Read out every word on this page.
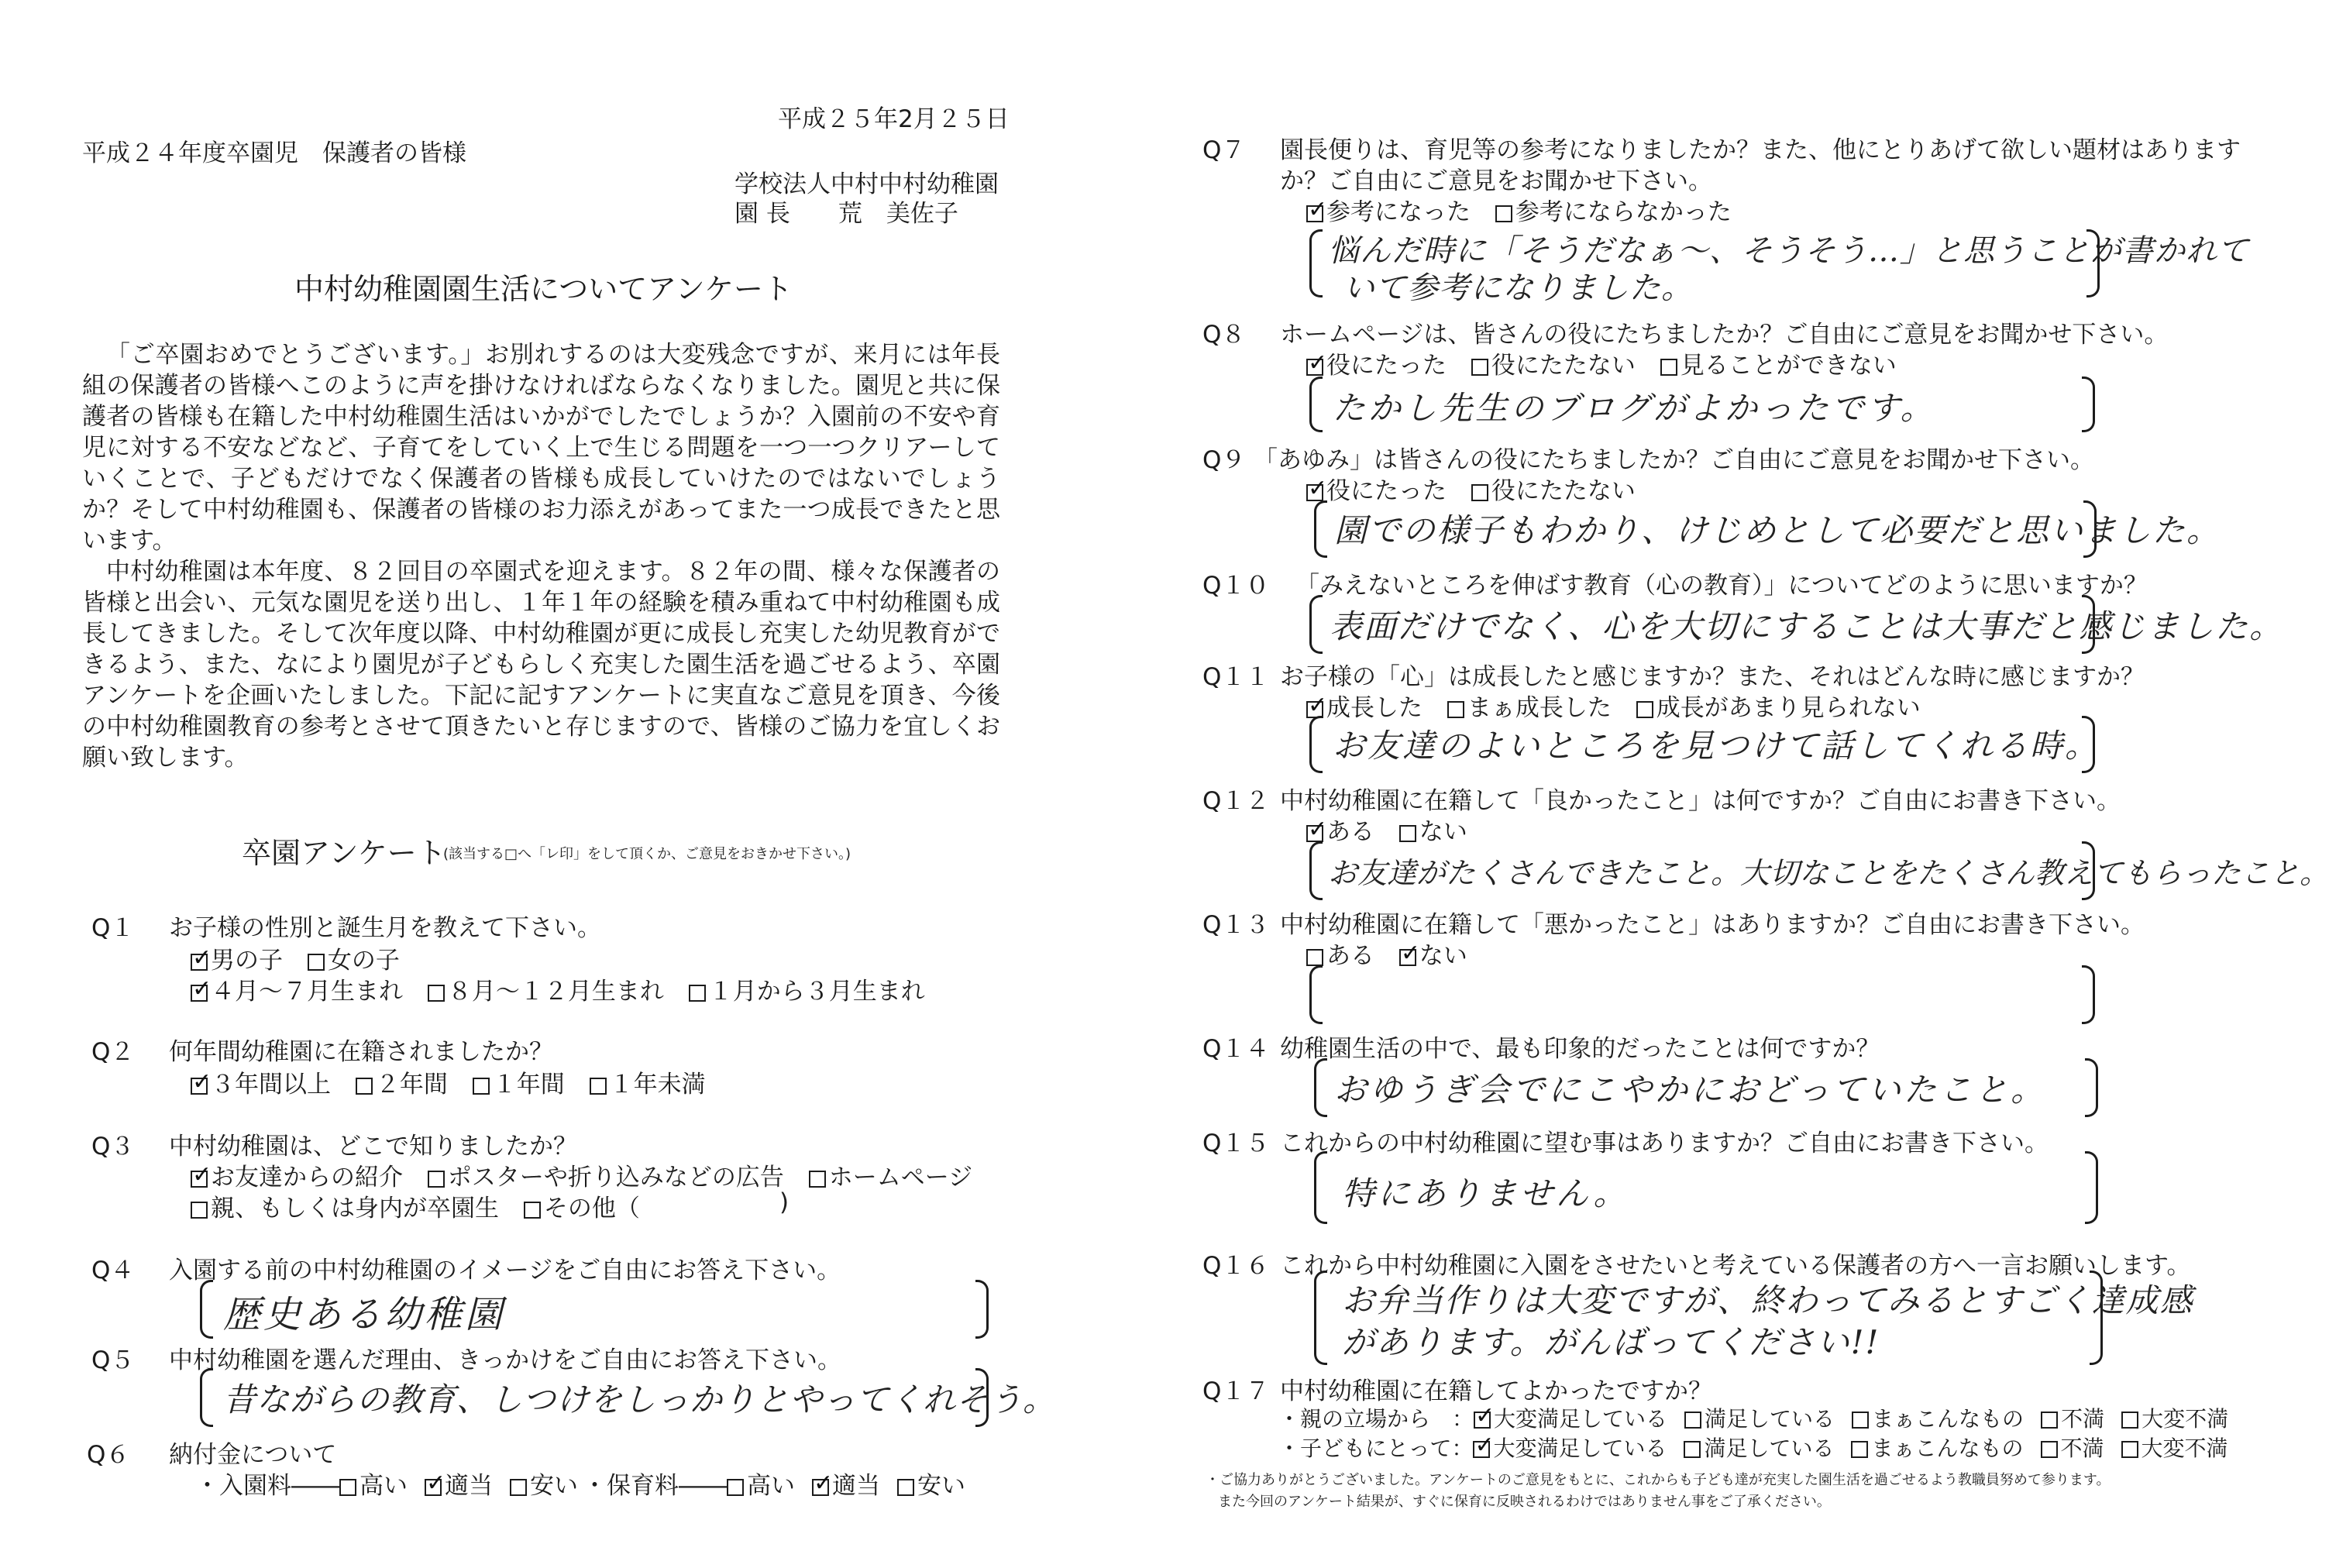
平成２５年2月２５日
平成２４年度卒園児　保護者の皆様
学校法人中村中村幼稚園
園 長　　荒　美佐子
中村幼稚園園生活についてアンケート

「ご卒園おめでとうございます。」お別れするのは大変残念ですが、来月には年長組の保護者の皆様へこのように声を掛けなければならなくなりました。園児と共に保護者の皆様も在籍した中村幼稚園生活はいかがでしたでしょうか？入園前の不安や育児に対する不安などなど、子育てをしていく上で生じる問題を一つ一つクリアーしていくことで、子どもだけでなく保護者の皆様も成長していけたのではないでしょうか？そして中村幼稚園も、保護者の皆様のお力添えがあってまた一つ成長できたと思います。

中村幼稚園は本年度、８２回目の卒園式を迎えます。８２年の間、様々な保護者の皆様と出会い、元気な園児を送り出し、１年１年の経験を積み重ねて中村幼稚園も成長してきました。そして次年度以降、中村幼稚園が更に成長し充実した幼児教育ができるよう、また、なにより園児が子どもらしく充実した園生活を過ごせるよう、卒園アンケートを企画いたしました。下記に記すアンケートに実直なご意見を頂き、今後の中村幼稚園教育の参考とさせて頂きたいと存じますので、皆様のご協力を宜しくお願い致します。

卒園アンケート
(該当する□へ「レ印」をして頂くか、ご意見をおきかせ下さい。)
Q１ お子様の性別と誕生月を教えて下さい。
✓男の子 女の子
✓４月～７月生まれ ８月～１２月生まれ １月から３月生まれ
Q２ 何年間幼稚園に在籍されましたか？
✓３年間以上 ２年間 １年間 １年未満
Q３ 中村幼稚園は、どこで知りましたか？
✓お友達からの紹介 ポスターや折り込みなどの広告 ホームページ
親、もしくは身内が卒園生 その他（	)
Q４ 入園する前の中村幼稚園のイメージをご自由にお答え下さい。
歴史ある幼稚園
Q５ 中村幼稚園を選んだ理由、きっかけをご自由にお答え下さい。
昔ながらの教育、しつけをしっかりとやってくれそう。
Q６ 納付金について
・入園料―― 高い ✓ 適当 安い ・保育料―― 高い ✓ 適当 安い
Q７ 園長便りは、育児等の参考になりましたか？また、他にとりあげて欲しい題材はあります
か？ご自由にご意見をお聞かせ下さい。
✓参考になった 参考にならなかった
悩んだ時に「そうだなぁ〜、そうそう…」と思うことが書かれて
いて参考になりました。
Q８ ホームページは、皆さんの役にたちましたか？ご自由にご意見をお聞かせ下さい。
✓役にたった 役にたたない 見ることができない
たかし先生のブログがよかったです。
Q９ 「あゆみ」は皆さんの役にたちましたか？ご自由にご意見をお聞かせ下さい。
✓役にたった 役にたたない
園での様子もわかり、けじめとして必要だと思いました。
Q１０ 「みえないところを伸ばす教育（心の教育）」についてどのように思いますか？
表面だけでなく、心を大切にすることは大事だと感じました。
Q１１ お子様の「心」は成長したと感じますか？また、それはどんな時に感じますか？
✓成長した まぁ成長した 成長があまり見られない
お友達のよいところを見つけて話してくれる時。
Q１２ 中村幼稚園に在籍して「良かったこと」は何ですか？ご自由にお書き下さい。
✓ある ない
お友達がたくさんできたこと。大切なことをたくさん教えてもらったこと。
Q１３ 中村幼稚園に在籍して「悪かったこと」はありますか？ご自由にお書き下さい。
ある ✓ ない
Q１４ 幼稚園生活の中で、最も印象的だったことは何ですか？
おゆうぎ会でにこやかにおどっていたこと。
Q１５ これからの中村幼稚園に望む事はありますか？ご自由にお書き下さい。
特にありません。
Q１６ これから中村幼稚園に入園をさせたいと考えている保護者の方へ一言お願いします。
お弁当作りは大変ですが、終わってみるとすごく達成感
があります。がんばってください!!
Q１７ 中村幼稚園に在籍してよかったですか？
・親の立場から　： ✓ 大変満足している 満足している まぁこんなもの 不満 大変不満
・子どもにとって： ✓ 大変満足している 満足している まぁこんなもの 不満 大変不満
・ご協力ありがとうございました。アンケートのご意見をもとに、これからも子ども達が充実した園生活を過ごせるよう教職員努めて参ります。
また今回のアンケート結果が、すぐに保育に反映されるわけではありません事をご了承ください。
